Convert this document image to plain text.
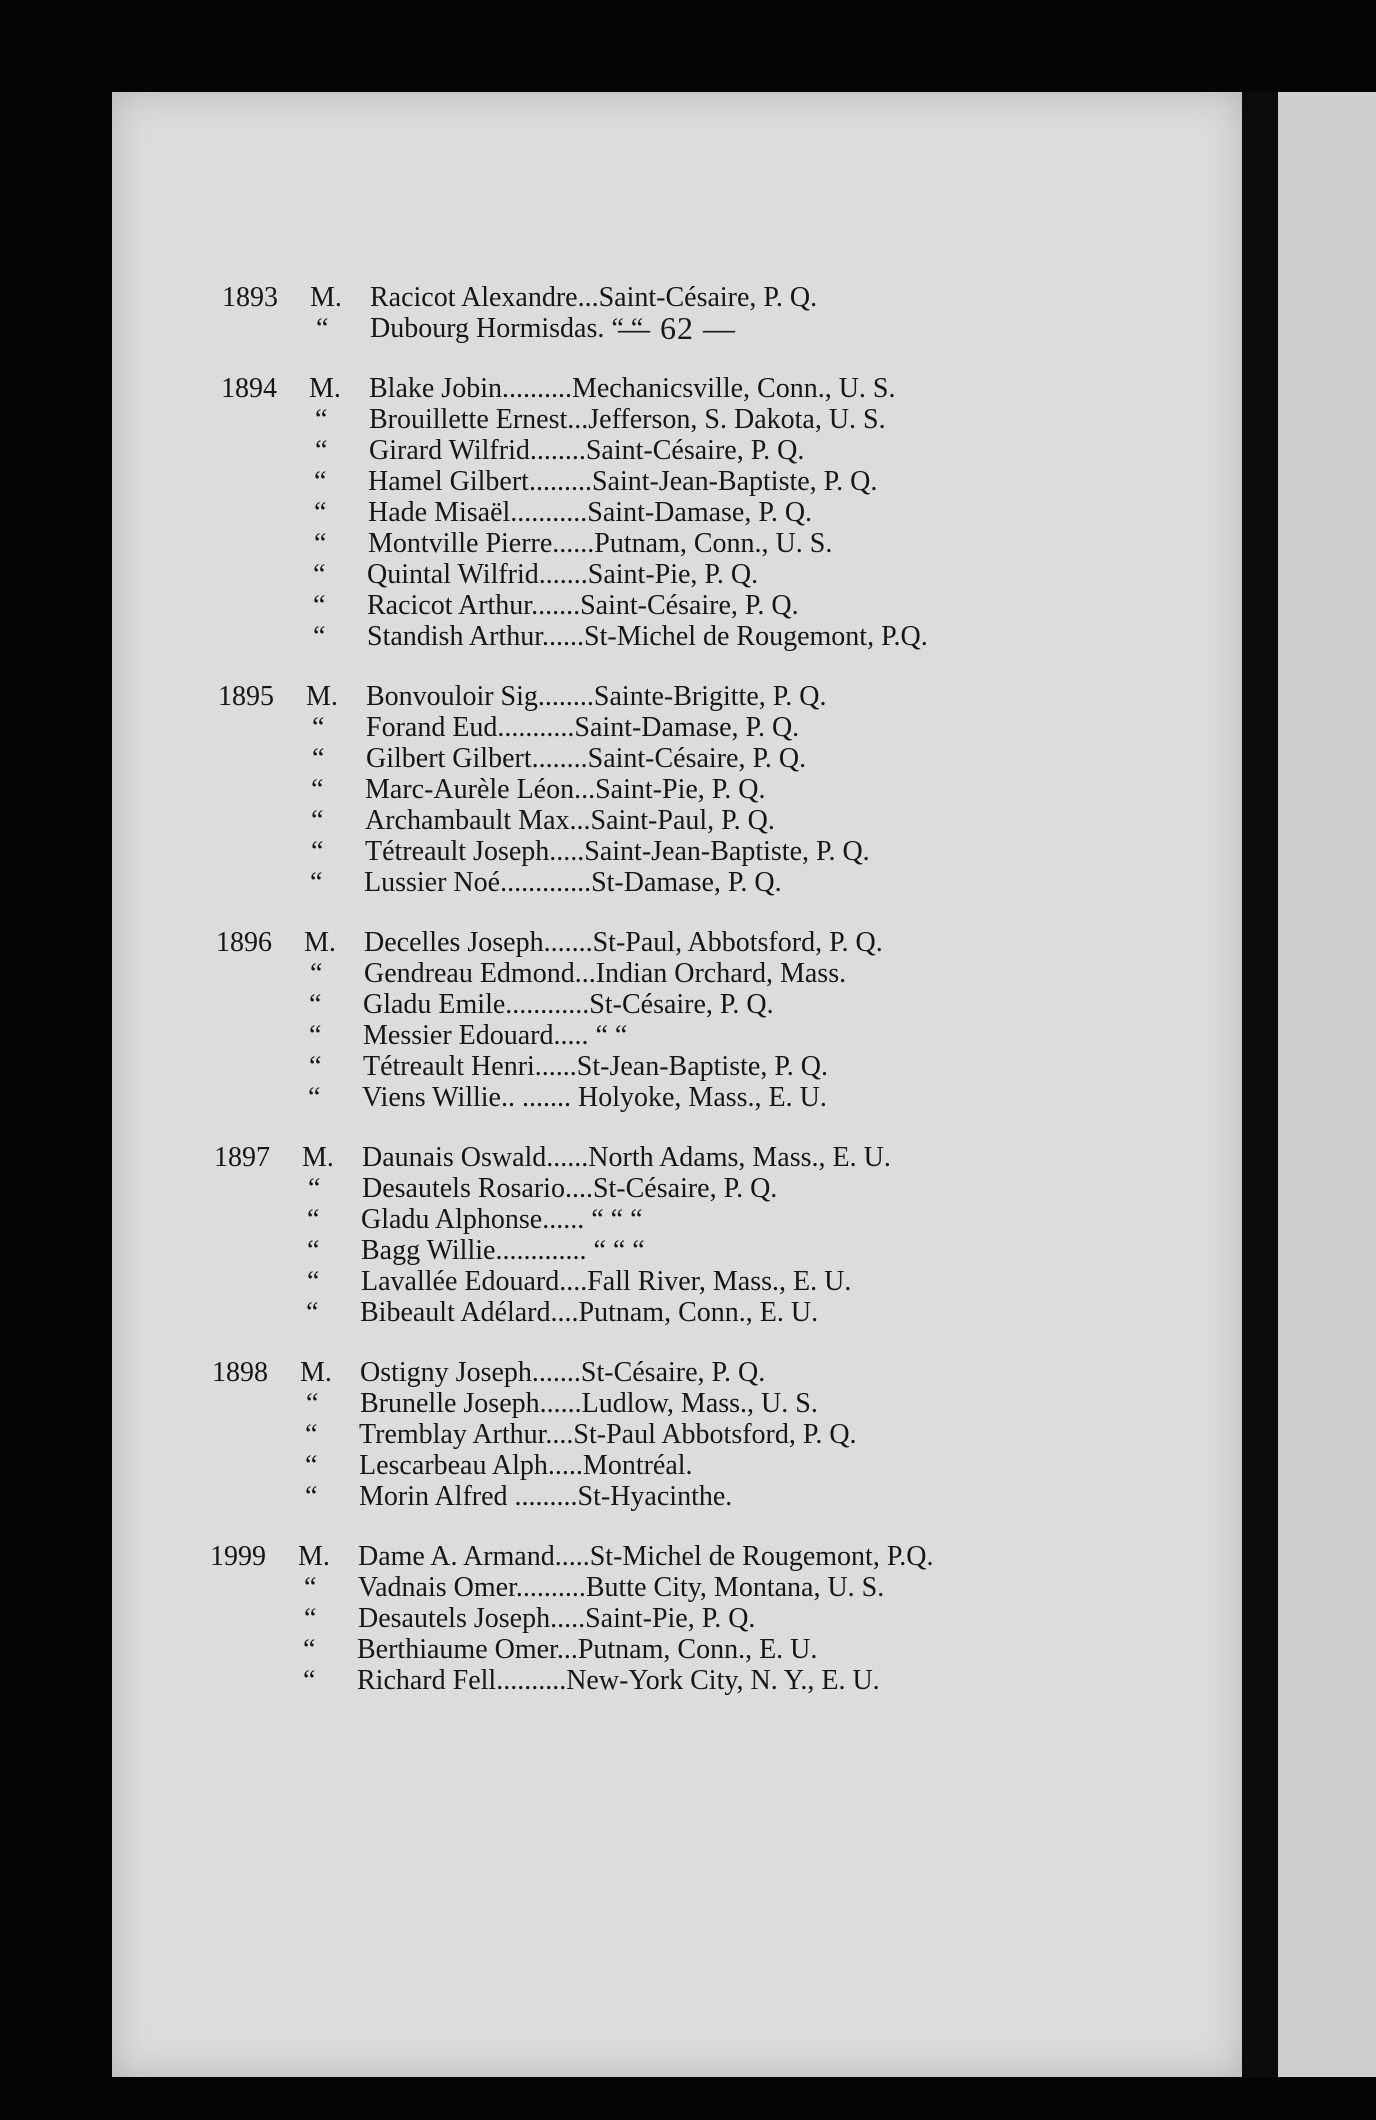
— 62 —
1893	M. Racicot Alexandre...Saint-Césaire, P. Q.
“	Dubourg Hormisdas. “ “
1894	M. Blake Jobin..........Mechanicsville, Conn., U. S.
“	Brouillette Ernest...Jefferson, S. Dakota, U. S.
“	Girard Wilfrid........Saint-Césaire, P. Q.
“	Hamel Gilbert.........Saint-Jean-Baptiste, P. Q.
“	Hade Misaël...........Saint-Damase, P. Q.
“	Montville Pierre......Putnam, Conn., U. S.
“	Quintal Wilfrid.......Saint-Pie, P. Q.
“	Racicot Arthur.......Saint-Césaire, P. Q.
“	Standish Arthur......St-Michel de Rougemont, P.Q.
1895	M. Bonvouloir Sig........Sainte-Brigitte, P. Q.
“	Forand Eud...........Saint-Damase, P. Q.
“	Gilbert Gilbert........Saint-Césaire, P. Q.
“	Marc-Aurèle Léon...Saint-Pie, P. Q.
“	Archambault Max...Saint-Paul, P. Q.
“	Tétreault Joseph.....Saint-Jean-Baptiste, P. Q.
“	Lussier Noé.............St-Damase, P. Q.
1896	M. Decelles Joseph.......St-Paul, Abbotsford, P. Q.
“	Gendreau Edmond...Indian Orchard, Mass.
“	Gladu Emile............St-Césaire, P. Q.
“	Messier Edouard..... “ “
“	Tétreault Henri......St-Jean-Baptiste, P. Q.
“	Viens Willie.. ....... Holyoke, Mass., E. U.
1897	M. Daunais Oswald......North Adams, Mass., E. U.
“	Desautels Rosario....St-Césaire, P. Q.
“	Gladu Alphonse...... “ “ “
“	Bagg Willie............. “ “ “
“	Lavallée Edouard....Fall River, Mass., E. U.
“	Bibeault Adélard....Putnam, Conn., E. U.
1898	M. Ostigny Joseph.......St-Césaire, P. Q.
“	Brunelle Joseph......Ludlow, Mass., U. S.
“	Tremblay Arthur....St-Paul Abbotsford, P. Q.
“	Lescarbeau Alph.....Montréal.
“	Morin Alfred .........St-Hyacinthe.
1999	M. Dame A. Armand.....St-Michel de Rougemont, P.Q.
“	Vadnais Omer..........Butte City, Montana, U. S.
“	Desautels Joseph.....Saint-Pie, P. Q.
“	Berthiaume Omer...Putnam, Conn., E. U.
“	Richard Fell..........New-York City, N. Y., E. U.
